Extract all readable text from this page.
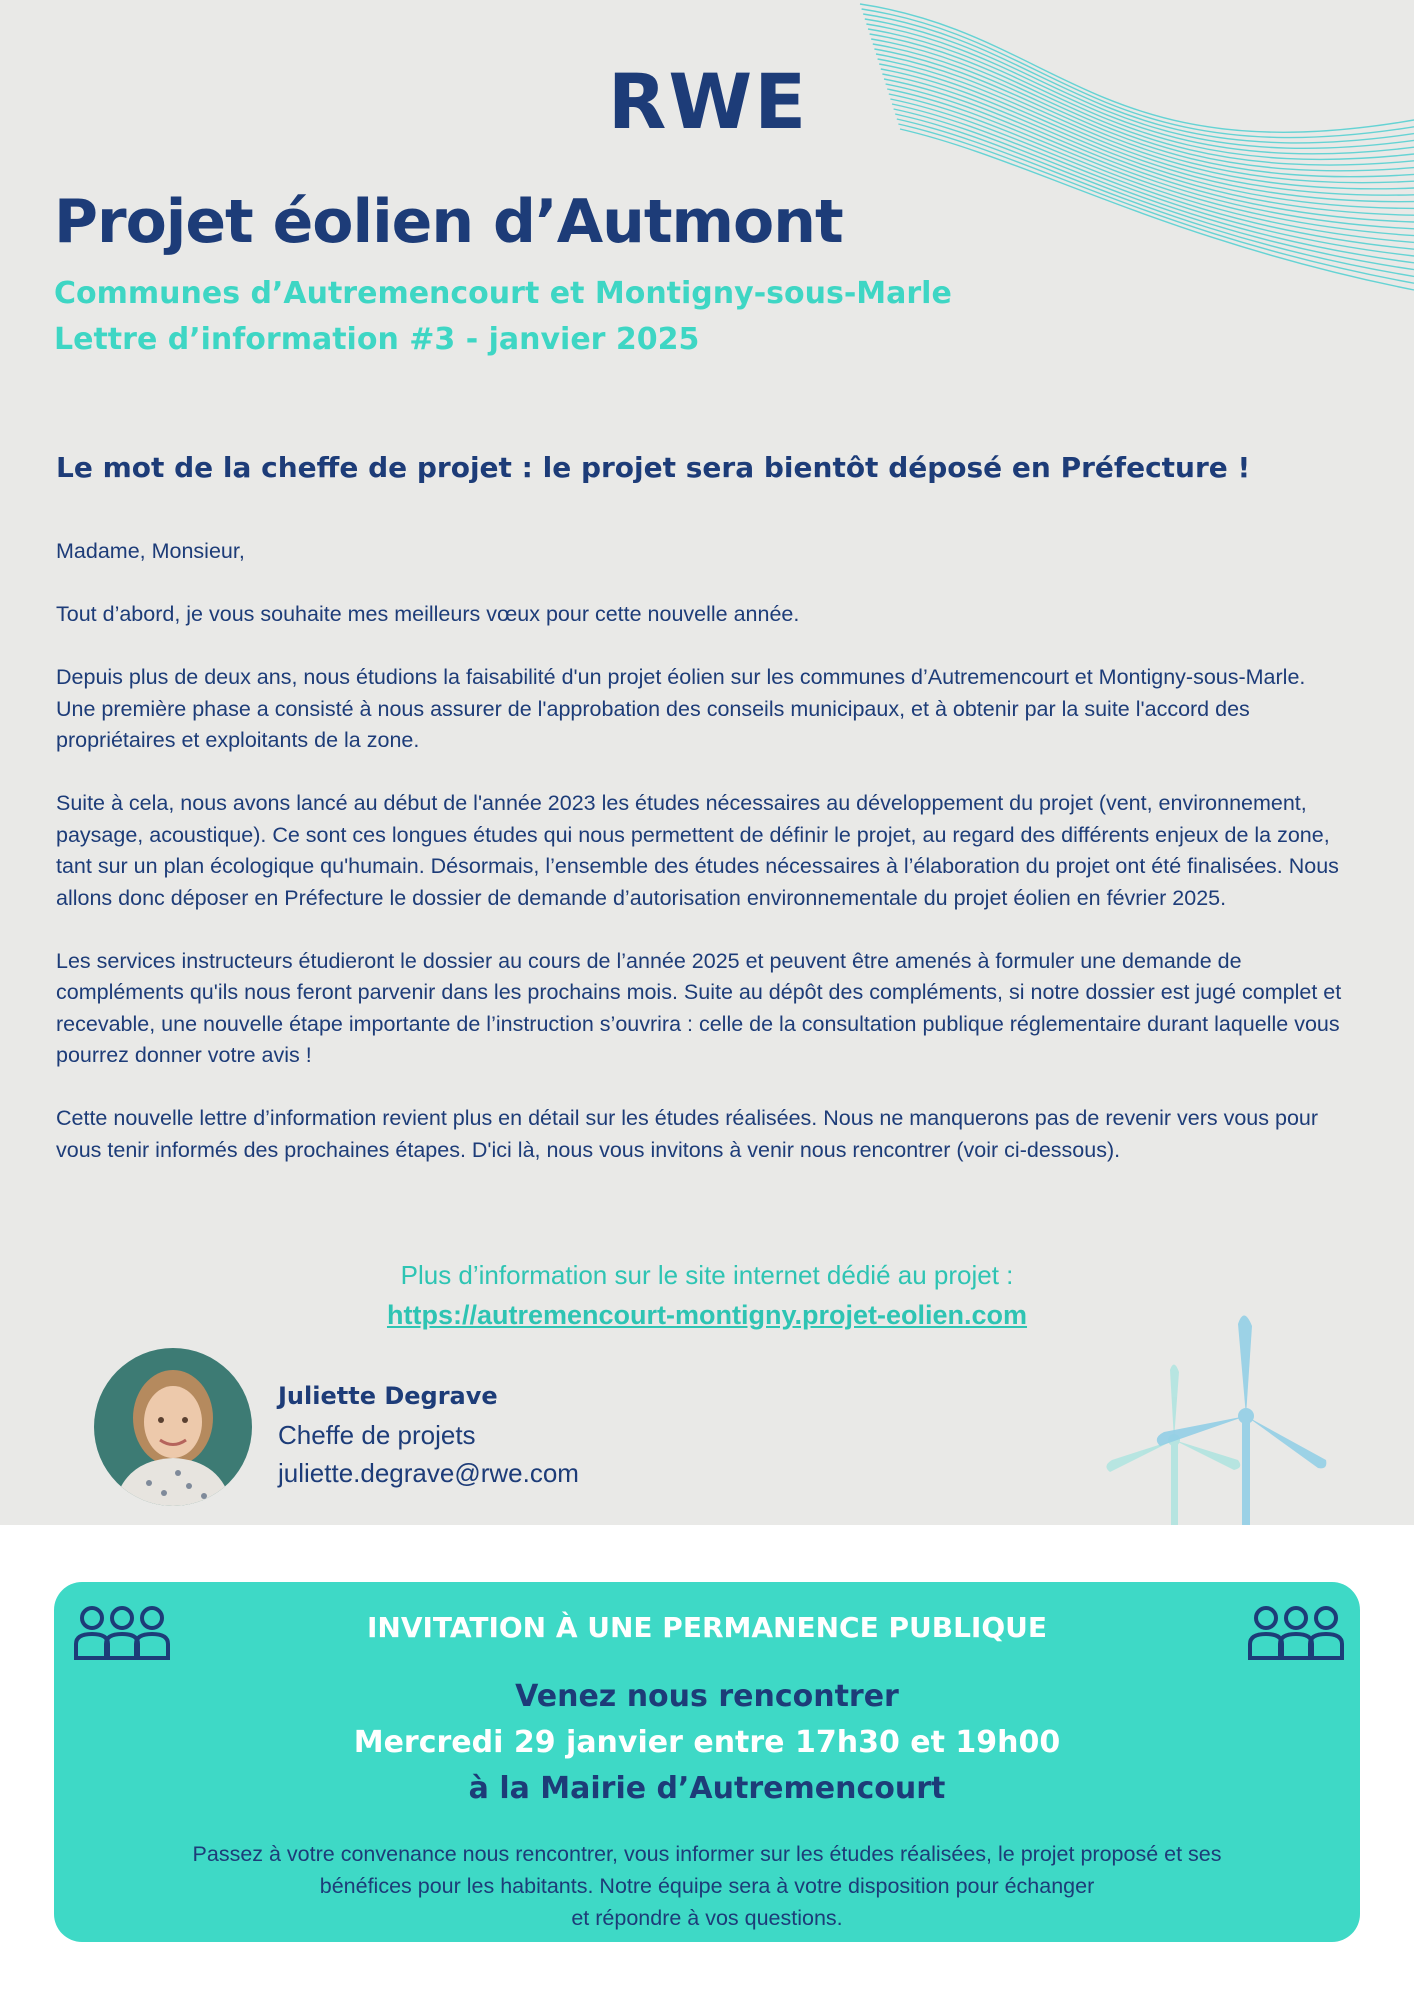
RWE
Projet éolien d’Autmont
Communes d’Autremencourt et Montigny-sous-Marle
Lettre d’information #3 - janvier 2025
Le mot de la cheffe de projet : le projet sera bientôt déposé en Préfecture !

Madame, Monsieur,

Tout d’abord, je vous souhaite mes meilleurs vœux pour cette nouvelle année.

Depuis plus de deux ans, nous étudions la faisabilité d'un projet éolien sur les communes d’Autremencourt et Montigny-sous-Marle. Une première phase a consisté à nous assurer de l'approbation des conseils municipaux, et à obtenir par la suite l'accord des propriétaires et exploitants de la zone.

Suite à cela, nous avons lancé au début de l'année 2023 les études nécessaires au développement du projet (vent, environnement, paysage, acoustique). Ce sont ces longues études qui nous permettent de définir le projet, au regard des différents enjeux de la zone, tant sur un plan écologique qu'humain. Désormais, l’ensemble des études nécessaires à l’élaboration du projet ont été finalisées. Nous allons donc déposer en Préfecture le dossier de demande d’autorisation environnementale du projet éolien en février 2025.

Les services instructeurs étudieront le dossier au cours de l’année 2025 et peuvent être amenés à formuler une demande de compléments qu'ils nous feront parvenir dans les prochains mois. Suite au dépôt des compléments, si notre dossier est jugé complet et recevable, une nouvelle étape importante de l’instruction s’ouvrira : celle de la consultation publique réglementaire durant laquelle vous pourrez donner votre avis !

Cette nouvelle lettre d’information revient plus en détail sur les études réalisées. Nous ne manquerons pas de revenir vers vous pour vous tenir informés des prochaines étapes. D'ici là, nous vous invitons à venir nous rencontrer (voir ci-dessous).

Plus d’information sur le site internet dédié au projet :
https://autremencourt-montigny.projet-eolien.com
Juliette Degrave
Cheffe de projets
juliette.degrave@rwe.com
INVITATION À UNE PERMANENCE PUBLIQUE
Venez nous rencontrer
Mercredi 29 janvier entre 17h30 et 19h00
à la Mairie d’Autremencourt
Passez à votre convenance nous rencontrer, vous informer sur les études réalisées, le projet proposé et ses
bénéfices pour les habitants. Notre équipe sera à votre disposition pour échanger
et répondre à vos questions.
